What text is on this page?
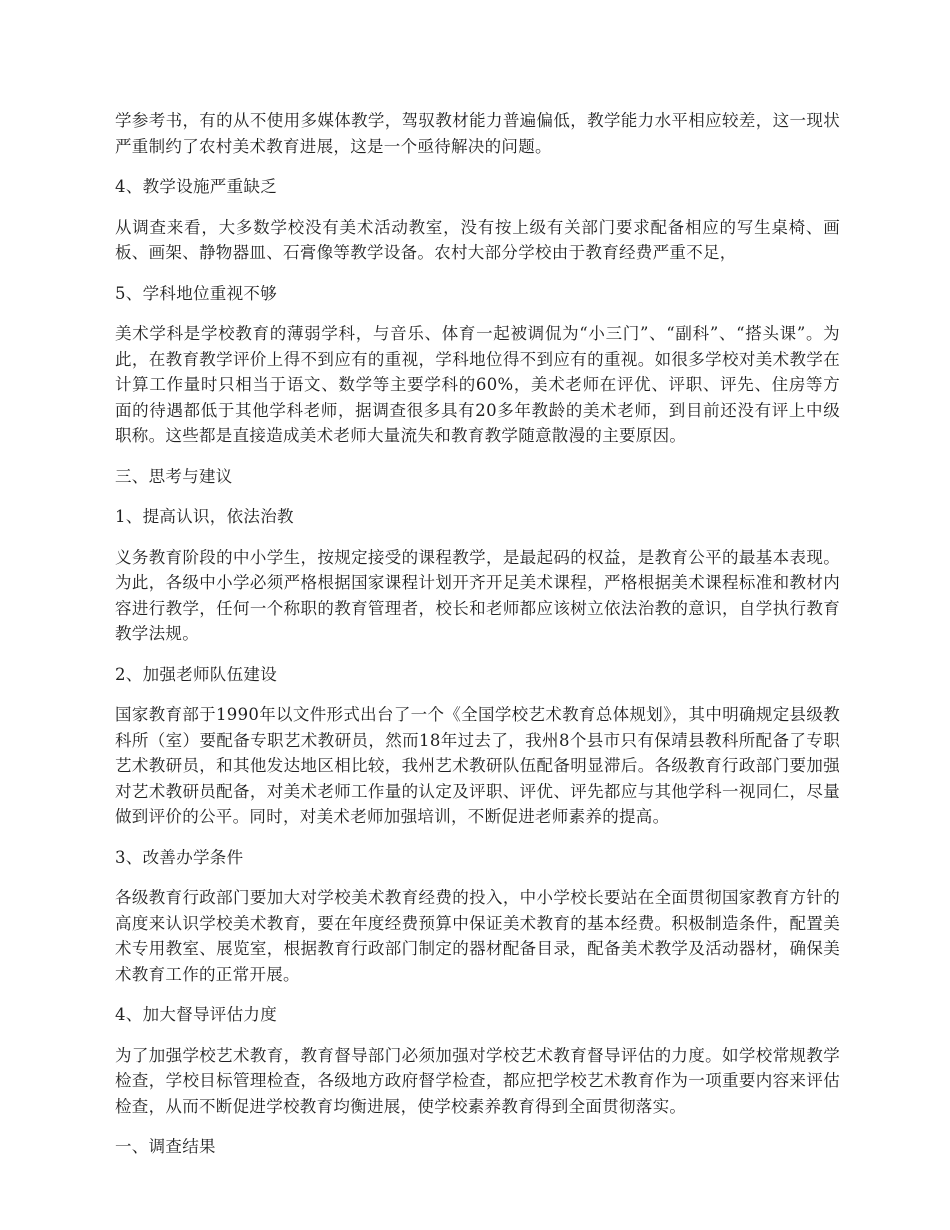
学参考书，有的从不使用多媒体教学，驾驭教材能力普遍偏低，教学能力水平相应较差，这一现状严重制约了农村美术教育进展，这是一个亟待解决的问题。

4、教学设施严重缺乏

从调查来看，大多数学校没有美术活动教室，没有按上级有关部门要求配备相应的写生桌椅、画板、画架、静物器皿、石膏像等教学设备。农村大部分学校由于教育经费严重不足，

5、学科地位重视不够

美术学科是学校教育的薄弱学科，与音乐、体育一起被调侃为“小三门”、“副科”、“搭头课”。为此，在教育教学评价上得不到应有的重视，学科地位得不到应有的重视。如很多学校对美术教学在计算工作量时只相当于语文、数学等主要学科的60%，美术老师在评优、评职、评先、住房等方面的待遇都低于其他学科老师，据调查很多具有20多年教龄的美术老师，到目前还没有评上中级职称。这些都是直接造成美术老师大量流失和教育教学随意散漫的主要原因。

三、思考与建议

1、提高认识，依法治教

义务教育阶段的中小学生，按规定接受的课程教学，是最起码的权益，是教育公平的最基本表现。为此，各级中小学必须严格根据国家课程计划开齐开足美术课程，严格根据美术课程标准和教材内容进行教学，任何一个称职的教育管理者，校长和老师都应该树立依法治教的意识，自学执行教育教学法规。

2、加强老师队伍建设

国家教育部于1990年以文件形式出台了一个《全国学校艺术教育总体规划》，其中明确规定县级教科所（室）要配备专职艺术教研员，然而18年过去了，我州8个县市只有保靖县教科所配备了专职艺术教研员，和其他发达地区相比较，我州艺术教研队伍配备明显滞后。各级教育行政部门要加强对艺术教研员配备，对美术老师工作量的认定及评职、评优、评先都应与其他学科一视同仁，尽量做到评价的公平。同时，对美术老师加强培训，不断促进老师素养的提高。

3、改善办学条件

各级教育行政部门要加大对学校美术教育经费的投入，中小学校长要站在全面贯彻国家教育方针的高度来认识学校美术教育，要在年度经费预算中保证美术教育的基本经费。积极制造条件，配置美术专用教室、展览室，根据教育行政部门制定的器材配备目录，配备美术教学及活动器材，确保美术教育工作的正常开展。

4、加大督导评估力度

为了加强学校艺术教育，教育督导部门必须加强对学校艺术教育督导评估的力度。如学校常规教学检查，学校目标管理检查，各级地方政府督学检查，都应把学校艺术教育作为一项重要内容来评估检查，从而不断促进学校教育均衡进展，使学校素养教育得到全面贯彻落实。

一、调查结果
